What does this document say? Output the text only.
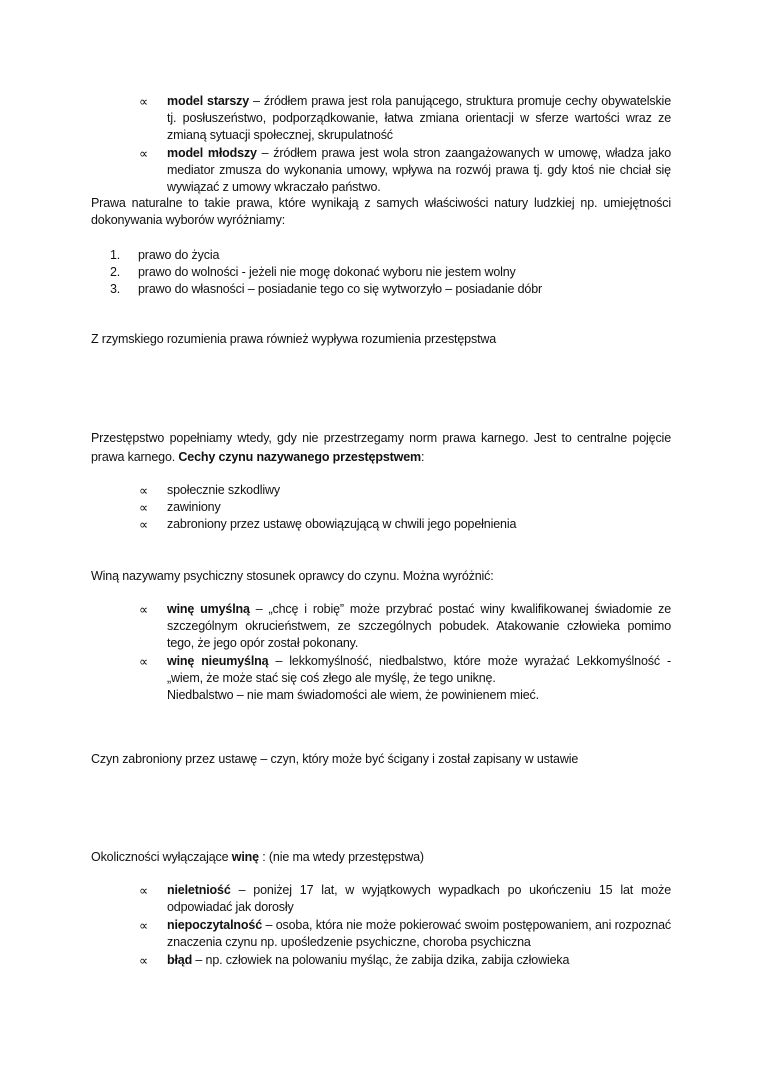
∝ model starszy – źródłem prawa jest rola panującego, struktura promuje cechy obywatelskie tj. posłuszeństwo, podporządkowanie, łatwa zmiana orientacji w sferze wartości wraz ze zmianą sytuacji społecznej, skrupulatność
∝ model młodszy – źródłem prawa jest wola stron zaangażowanych w umowę, władza jako mediator zmusza do wykonania umowy, wpływa na rozwój prawa tj. gdy ktoś nie chciał się wywiązać z umowy wkraczało państwo.

Prawa naturalne to takie prawa, które wynikają z samych właściwości natury ludzkiej np. umiejętności dokonywania wyborów wyróżniamy:

1. prawo do życia
2. prawo do wolności - jeżeli nie mogę dokonać wyboru nie jestem wolny
3. prawo do własności – posiadanie tego co się wytworzyło – posiadanie dóbr

Z rzymskiego rozumienia prawa również wypływa rozumienia przestępstwa

Przestępstwo popełniamy wtedy, gdy nie przestrzegamy norm prawa karnego. Jest to centralne pojęcie prawa karnego. Cechy czynu nazywanego przestępstwem:

∝ społecznie szkodliwy
∝ zawiniony
∝ zabroniony przez ustawę obowiązującą w chwili jego popełnienia

Winą nazywamy psychiczny stosunek oprawcy do czynu. Można wyróżnić:

∝ winę umyślną – „chcę i robię” może przybrać postać winy kwalifikowanej świadomie ze szczególnym okrucieństwem, ze szczególnych pobudek. Atakowanie człowieka pomimo tego, że jego opór został pokonany.
∝ winę nieumyślną – lekkomyślność, niedbalstwo, które może wyrażać Lekkomyślność - „wiem, że może stać się coś złego ale myślę, że tego uniknę.
Niedbalstwo – nie mam świadomości ale wiem, że powinienem mieć.

Czyn zabroniony przez ustawę – czyn, który może być ścigany i został zapisany w ustawie

Okoliczności wyłączające winę : (nie ma wtedy przestępstwa)

∝ nieletniość – poniżej 17 lat, w wyjątkowych wypadkach po ukończeniu 15 lat może odpowiadać jak dorosły
∝ niepoczytalność – osoba, która nie może pokierować swoim postępowaniem, ani rozpoznać znaczenia czynu np. upośledzenie psychiczne, choroba psychiczna
∝ błąd – np. człowiek na polowaniu myśląc, że zabija dzika, zabija człowieka
